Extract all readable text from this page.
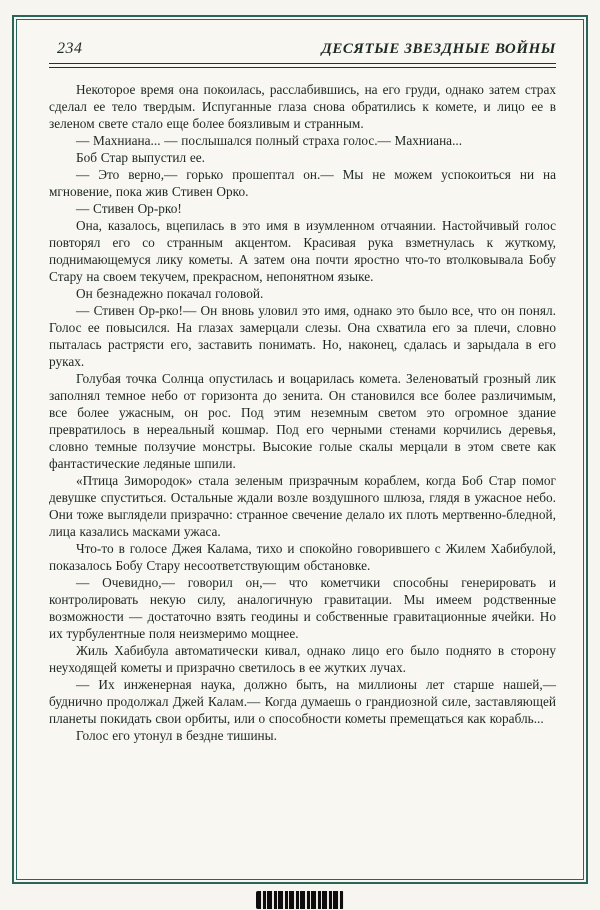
234	ДЕСЯТЫЕ ЗВЕЗДНЫЕ ВОЙНЫ

Некоторое время она покоилась, расслабившись, на его груди, однако затем страх сделал ее тело твердым. Испуганные глаза снова обратились к комете, и лицо ее в зеленом свете стало еще более боязливым и странным.

— Махниана... — послышался полный страха голос.— Махниана...

Боб Стар выпустил ее.

— Это верно,— горько прошептал он.— Мы не можем успокоиться ни на мгновение, пока жив Стивен Орко.

— Стивен Ор-рко!

Она, казалось, вцепилась в это имя в изумленном отчаянии. Настойчивый голос повторял его со странным акцентом. Красивая рука взметнулась к жуткому, поднимающемуся лику кометы. А затем она почти яростно что-то втолковывала Бобу Стару на своем текучем, прекрасном, непонятном языке.

Он безнадежно покачал головой.

— Стивен Ор-рко!— Он вновь уловил это имя, однако это было все, что он понял. Голос ее повысился. На глазах замерцали слезы. Она схватила его за плечи, словно пыталась растрясти его, заставить понимать. Но, наконец, сдалась и зарыдала в его руках.

Голубая точка Солнца опустилась и воцарилась комета. Зеленоватый грозный лик заполнял темное небо от горизонта до зенита. Он становился все более различимым, все более ужасным, он рос. Под этим неземным светом это огромное здание превратилось в нереальный кошмар. Под его черными стенами корчились деревья, словно темные ползучие монстры. Высокие голые скалы мерцали в этом свете как фантастические ледяные шпили.

«Птица Зимородок» стала зеленым призрачным кораблем, когда Боб Стар помог девушке спуститься. Остальные ждали возле воздушного шлюза, глядя в ужасное небо. Они тоже выглядели призрачно: странное свечение делало их плоть мертвенно-бледной, лица казались масками ужаса.

Что-то в голосе Джея Калама, тихо и спокойно говорившего с Жилем Хабибулой, показалось Бобу Стару несоответствующим обстановке.

— Очевидно,— говорил он,— что кометчики способны генерировать и контролировать некую силу, аналогичную гравитации. Мы имеем родственные возможности — достаточно взять геодины и собственные гравитационные ячейки. Но их турбулентные поля неизмеримо мощнее.

Жиль Хабибула автоматически кивал, однако лицо его было поднято в сторону неуходящей кометы и призрачно светилось в ее жутких лучах.

— Их инженерная наука, должно быть, на миллионы лет старше нашей,— буднично продолжал Джей Калам.— Когда думаешь о грандиозной силе, заставляющей планеты покидать свои орбиты, или о способности кометы премещаться как корабль...

Голос его утонул в бездне тишины.
